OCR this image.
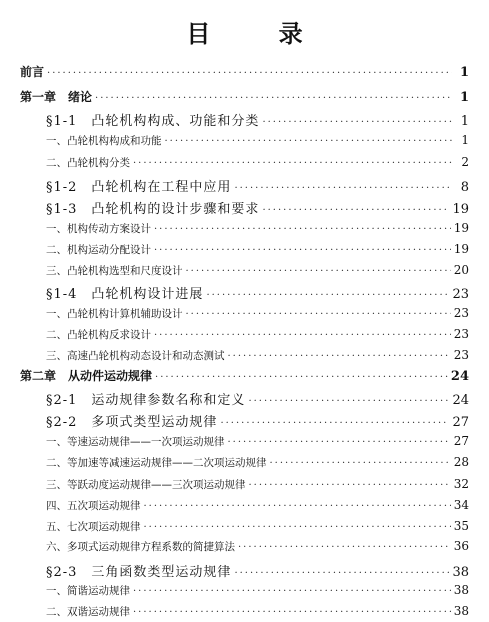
目 录
前言 ·····	1
第一章　绪论 ·····	1
§1-1　凸轮机构构成、功能和分类 ·····	1
一、凸轮机构构成和功能 ·····	1
二、凸轮机构分类 ·····	2
§1-2　凸轮机构在工程中应用 ·····	8
§1-3　凸轮机构的设计步骤和要求 ·····	19
一、机构传动方案设计 ·····	19
二、机构运动分配设计 ·····	19
三、凸轮机构选型和尺度设计 ·····	20
§1-4　凸轮机构设计进展 ·····	23
一、凸轮机构计算机辅助设计 ·····	23
二、凸轮机构反求设计 ·····	23
三、高速凸轮机构动态设计和动态测试 ·····	23
第二章　从动件运动规律 ·····	24
§2-1　运动规律参数名称和定义 ·····	24
§2-2　多项式类型运动规律 ·····	27
一、等速运动规律——一次项运动规律 ·····	27
二、等加速等减速运动规律——二次项运动规律 ·····	28
三、等跃动度运动规律——三次项运动规律 ·····	32
四、五次项运动规律 ·····	34
五、七次项运动规律 ·····	35
六、多项式运动规律方程系数的简捷算法 ·····	36
§2-3　三角函数类型运动规律 ·····	38
一、简谐运动规律 ·····	38
二、双谐运动规律 ·····	38
